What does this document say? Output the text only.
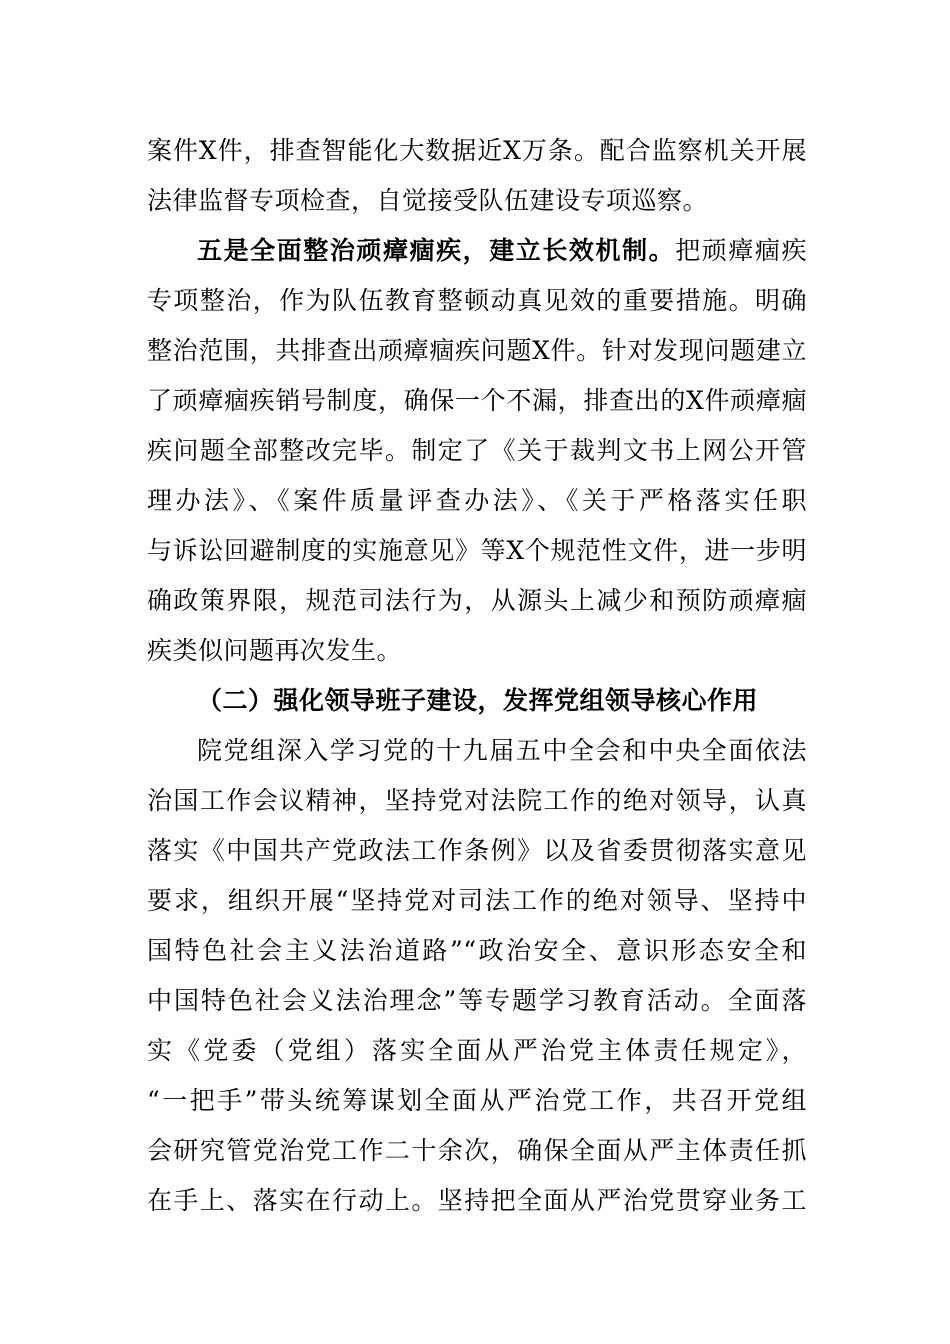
案件X件，排查智能化大数据近X万条。配合监察机关开展
法律监督专项检查，自觉接受队伍建设专项巡察。
五是全面整治顽瘴痼疾，建立长效机制。把顽瘴痼疾
专项整治，作为队伍教育整顿动真见效的重要措施。明确
整治范围，共排查出顽瘴痼疾问题X件。针对发现问题建立
了顽瘴痼疾销号制度，确保一个不漏，排查出的X件顽瘴痼
疾问题全部整改完毕。制定了《关于裁判文书上网公开管
理办法》、《案件质量评查办法》、《关于严格落实任职
与诉讼回避制度的实施意见》等X个规范性文件，进一步明
确政策界限，规范司法行为，从源头上减少和预防顽瘴痼
疾类似问题再次发生。
（二）强化领导班子建设，发挥党组领导核心作用
院党组深入学习党的十九届五中全会和中央全面依法
治国工作会议精神，坚持党对法院工作的绝对领导，认真
落实《中国共产党政法工作条例》以及省委贯彻落实意见
要求，组织开展“坚持党对司法工作的绝对领导、坚持中
国特色社会主义法治道路”“政治安全、意识形态安全和
中国特色社会义法治理念”等专题学习教育活动。全面落
实《党委（党组）落实全面从严治党主体责任规定》，
“一把手”带头统筹谋划全面从严治党工作，共召开党组
会研究管党治党工作二十余次，确保全面从严主体责任抓
在手上、落实在行动上。坚持把全面从严治党贯穿业务工
